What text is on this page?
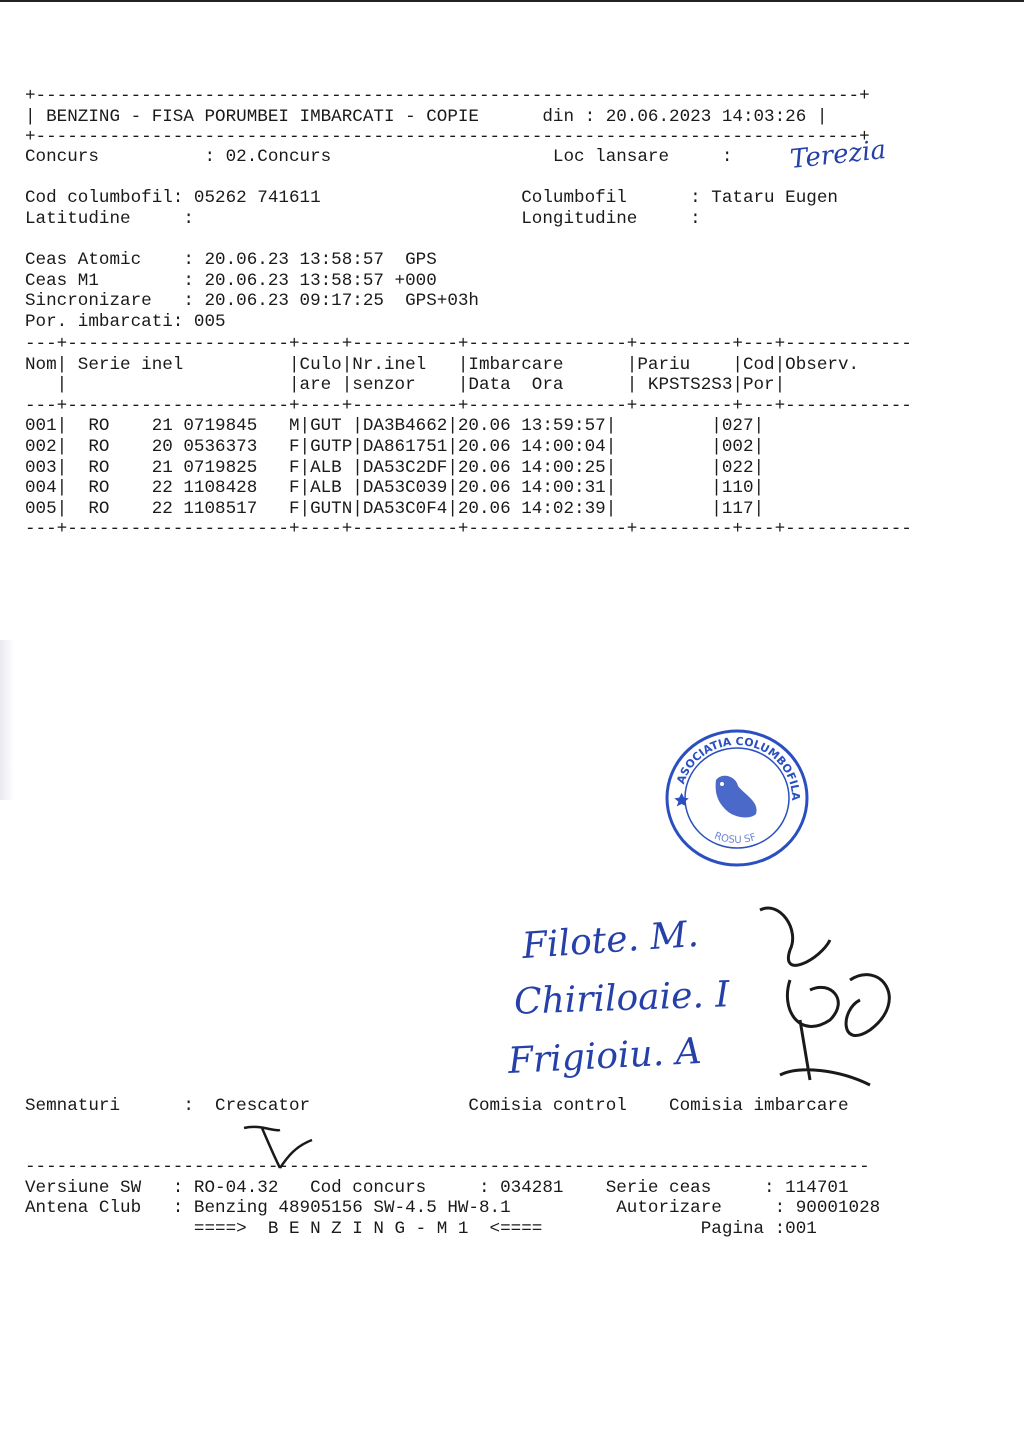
+------------------------------------------------------------------------------+
| BENZING - FISA PORUMBEI IMBARCATI - COPIE      din : 20.06.2023 14:03:26 |
+------------------------------------------------------------------------------+
Concurs          : 02.Concurs                     Loc lansare     :
Cod columbofil: 05262 741611                   Columbofil      : Tataru Eugen
Latitudine     :                               Longitudine     :
Ceas Atomic    : 20.06.23 13:58:57  GPS
Ceas M1        : 20.06.23 13:58:57 +000
Sincronizare   : 20.06.23 09:17:25  GPS+03h
Por. imbarcati: 005
Terezia
---+---------------------+----+----------+---------------+---------+---+------------
Nom| Serie inel          |Culo|Nr.inel   |Imbarcare      |Pariu    |Cod|Observ.
|                     |are |senzor    |Data  Ora      | KPSTS2S3|Por|
---+---------------------+----+----------+---------------+---------+---+------------
001|  RO    21 0719845   M|GUT |DA3B4662|20.06 13:59:57|         |027|
002|  RO    20 0536373   F|GUTP|DA861751|20.06 14:00:04|         |002|
003|  RO    21 0719825   F|ALB |DA53C2DF|20.06 14:00:25|         |022|
004|  RO    22 1108428   F|ALB |DA53C039|20.06 14:00:31|         |110|
005|  RO    22 1108517   F|GUTN|DA53C0F4|20.06 14:02:39|         |117|
---+---------------------+----+----------+---------------+---------+---+------------
ASOCIATIA COLUMBOFILA
ROSU SF
Filote. M.
Chiriloaie. I
Frigioiu. A
Semnaturi      :  Crescator               Comisia control    Comisia imbarcare
--------------------------------------------------------------------------------
Versiune SW   : RO-04.32   Cod concurs     : 034281    Serie ceas     : 114701
Antena Club   : Benzing 48905156 SW-4.5 HW-8.1          Autorizare     : 90001028
====>  B E N Z I N G - M 1  <====               Pagina :001
